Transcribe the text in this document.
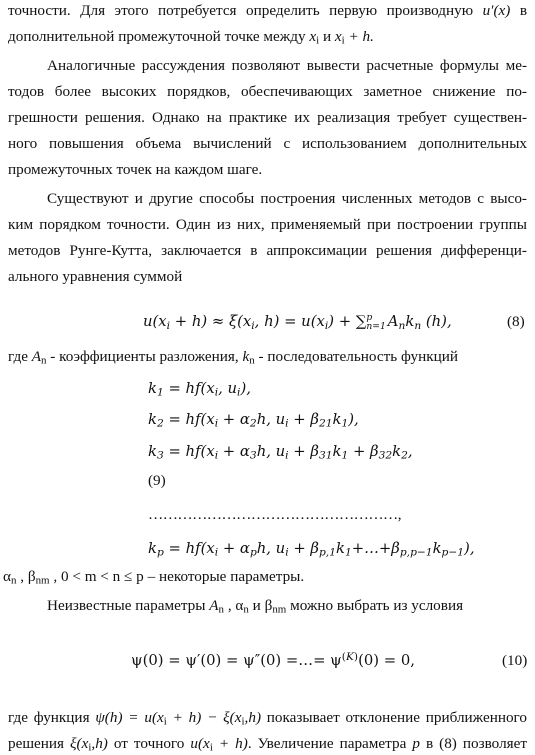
точности. Для этого потребуется определить первую производную u′(x) в
дополнительной промежуточной точке между $x_i$ и $x_i + h$.
Аналогичные рассуждения позволяют вывести расчетные формулы ме-
тодов более высоких порядков, обеспечивающих заметное снижение по-
грешности решения. Однако на практике их реализация требует существен-
ного повышения объема вычислений с использованием дополнительных
промежуточных точек на каждом шаге.
Существуют и другие способы построения численных методов с высо-
ким порядком точности. Один из них, применяемый при построении группы
методов Рунге-Кутта, заключается в аппроксимации решения дифференци-
ального уравнения суммой
$u(x_i + h) \approx \xi(x_i$, $h) = u(x_i)$ + ∑ p
n=1 $A_nk_n$ (h),	(8)
где $A_n$ - коэффициенты разложения, $k_n$ - последовательность функций
$k_1 = hf(x_i$, $u_i$),
$k_2 = hf(x_i + \alpha_2h$, $u_i + \beta_{21}k_1$),
$k_3 = hf(x_i + \alpha_3h$, $u_i + \beta_{31}k_1 + \beta_{32}k_2$,
(9)
……………………………………………,
$k_p = hf(x_i + \alpha_ph$, $u_i$ + $\beta_{p,1}k_1+\dots+\beta_{p,p-1}k_{p-1}$),
$\alpha_n$ , $\beta_{nm}$ , 0 < m < n ≤ p – некоторые параметры.
Неизвестные параметры $A_n$ , $\alpha_n$ и $\beta_{nm}$ можно выбрать из условия
ψ(0) = ψ′(0) = ψ″(0) =…= $\psi^{(K)}(0) = 0$,	(10)
где функция $\psi(h) = u(x_i + h) - \xi(x_i,h)$ показывает отклонение приближенного
решения $\xi(x_i,h)$ от точного $u(x_i + h)$. Увеличение параметра p в (8) позволяет
